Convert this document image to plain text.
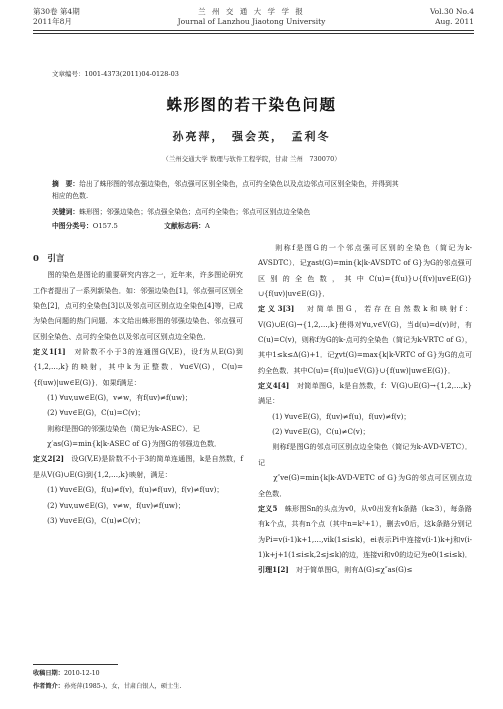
第30卷 第4期
2011年8月
兰 州 交 通 大 学 学 报
Journal of Lanzhou Jiaotong University
Vol.30 No.4
Aug. 2011
文章编号：1001-4373(2011)04-0128-03
蛛形图的若干染色问题
孙亮萍，　强会英，　孟利冬
（兰州交通大学 数理与软件工程学院，甘肃 兰州　730070）
摘　要：给出了蛛形图的邻点强边染色，邻点强可区别全染色，点可约全染色以及点边邻点可区别全染色，并得到其
相应的色数.
关键词：蛛形图；邻强边染色；邻点强全染色；点可约全染色；邻点可区别点边全染色
中图分类号：O157.5	文献标志码：A

0　引言

　　图的染色是图论的重要研究内容之一，近年来，许多图论研究工作者提出了一系列新染色．如：邻强边染色[1]，邻点强可区别全染色[2]，点可约全染色[3]以及邻点可区别点边全染色[4]等，已成为染色问题的热门问题．本文给出蛛形图的邻强边染色、邻点强可区别全染色、点可约全染色以及邻点可区别点边全染色．

定义1[1]　对阶数不小于3的连通图G(V,E)，设f为从E(G)到{1,2,…,k}的映射，其中k为正整数．∀u∈V(G)，C(u)={f(uw)|uw∈E(G)}．如果f满足：

　　(1) ∀uv,uw∈E(G)，v≠w，有f(uv)≠f(uw)；

　　(2) ∀uv∈E(G)，C(u)=C(v)；

　　则称f是图G的邻强边染色（简记为k-ASEC）．记

　　χ′as(G)=min{k|k-ASEC of G}为图G的邻强边色数．

定义2[2]　设G(V,E)是阶数不小于3的简单连通图，k是自然数，f是从V(G)∪E(G)到{1,2,…,k}映射，满足：

　　(1) ∀uv∈E(G)，f(u)≠f(v)，f(u)≠f(uv)，f(v)≠f(uv)；

　　(2) ∀uv,uw∈E(G)，v≠w，f(uv)≠f(uw)；

　　(3) ∀uv∈E(G)，C(u)≠C(v)；

　　则称f是图G的一个邻点强可区别的全染色（简记为k-AVSDTC）．记χast(G)=min{k|k-AVSDTC of G}为G的邻点强可区别的全色数，其中C(u)={f(u)}∪{f(v)|uv∈E(G)}∪{f(uv)|uv∈E(G)}．

定义3[3]　对简单图G，若存在自然数k和映射f：V(G)∪E(G)→{1,2,…,k}使得对∀u,v∈V(G)，当d(u)=d(v)时，有C(u)=C(v)，则称f为G的k-点可约全染色（简记为k-VRTC of G），其中1≤k≤Δ(G)+1．记χvt(G)=max{k|k-VRTC of G}为G的点可约全色数．其中C(u)={f(u)|u∈V(G)}∪{f(uw)|uw∈E(G)}．

定义4[4]　对简单图G，k是自然数，f：V(G)∪E(G)→{1,2,…,k}满足：

　　(1) ∀uv∈E(G)，f(uv)≠f(u)，f(uv)≠f(v)；

　　(2) ∀uv∈E(G)，C(u)≠C(v)；

　　则称f是图G的邻点可区别点边全染色（简记为k-AVD-VETC）．记

　　χ″ve(G)=min{k|k-AVD-VETC of G}为G的邻点可区别点边全色数．

定义5　蛛形图Sn的头点为v0，从v0出发有k条路（k≥3），每条路有k个点，共有n个点（其中n=k²+1），删去v0后，这k条路分别记为Pi=v(i-1)k+1,…,vik(1≤i≤k)，ei表示Pi中连接v(i-1)k+j和v(i-1)k+j+1(1≤i≤k,2≤j≤k)的边，连接vi和v0的边记为e0(1≤i≤k)．

引理1[2]　对于简单图G，则有Δ(G)≤χ″as(G)≤

收稿日期：2010-12-10
作者简介：孙亮萍(1985-)，女，甘肃白银人，硕士生.
